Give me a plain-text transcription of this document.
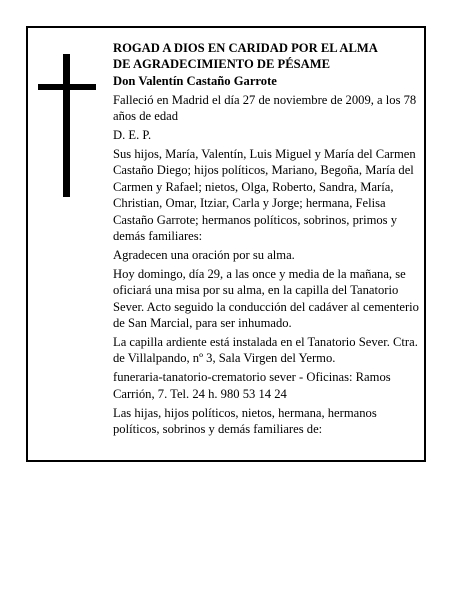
ROGAD A DIOS EN CARIDAD POR EL ALMA

DE AGRADECIMIENTO DE PÉSAME

Don Valentín Castaño Garrote

Falleció en Madrid el día 27 de noviembre de 2009, a los 78 años de edad

D. E. P.

Sus hijos, María, Valentín, Luis Miguel y María del Carmen Castaño Diego; hijos políticos, Mariano, Begoña, María del Carmen y Rafael; nietos, Olga, Roberto, Sandra, María, Christian, Omar, Itziar, Carla y Jorge; hermana, Felisa Castaño Garrote; hermanos políticos, sobrinos, primos y demás familiares:

Agradecen una oración por su alma.

Hoy domingo, día 29, a las once y media de la mañana, se oficiará una misa por su alma, en la capilla del Tanatorio Sever. Acto seguido la conducción del cadáver al cementerio de San Marcial, para ser inhumado.

La capilla ardiente está instalada en el Tanatorio Sever. Ctra. de Villalpando, nº 3, Sala Virgen del Yermo.

funeraria-tanatorio-crematorio sever - Oficinas: Ramos Carrión, 7. Tel. 24 h. 980 53 14 24

Las hijas, hijos políticos, nietos, hermana, hermanos políticos, sobrinos y demás familiares de:
